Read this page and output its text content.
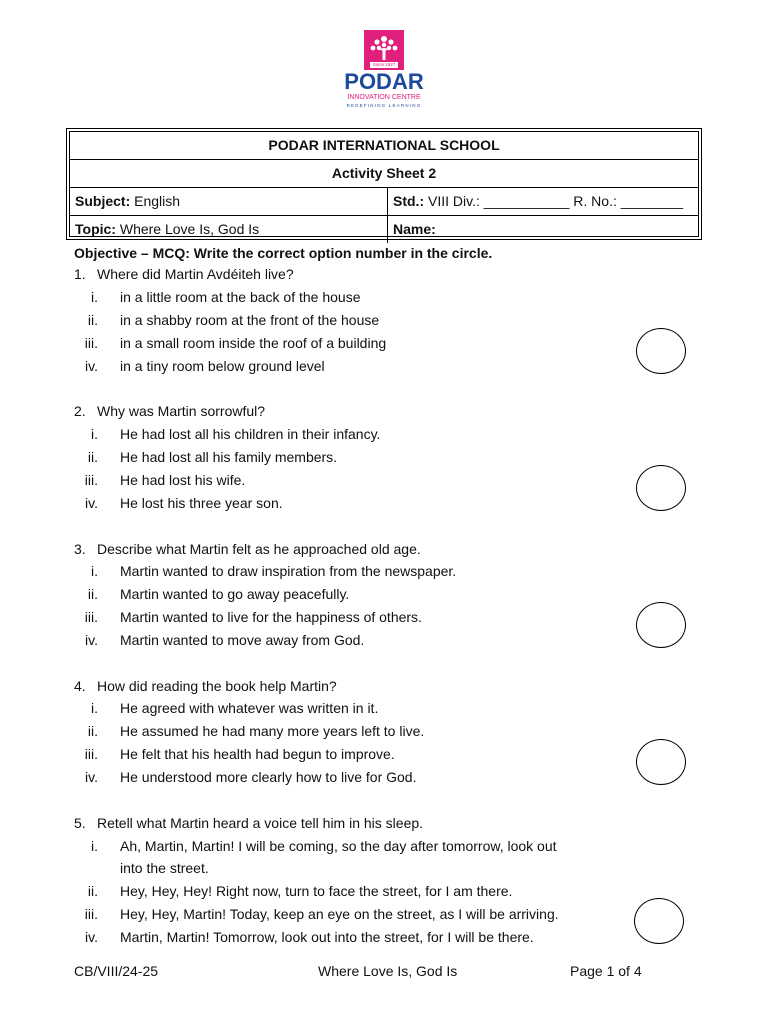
Since 1927
PODAR
INNOVATION CENTRE
REDEFINING LEARNING
PODAR INTERNATIONAL SCHOOL
Activity Sheet 2
Subject: English	Std.: VIII Div.: ___________ R. No.: ________
Topic: Where Love Is, God Is	Name: _________________________________
Objective – MCQ: Write the correct option number in the circle.
1. Where did Martin Avdéiteh live?
i. in a little room at the back of the house
ii. in a shabby room at the front of the house
iii. in a small room inside the roof of a building
iv. in a tiny room below ground level
2. Why was Martin sorrowful?
i. He had lost all his children in their infancy.
ii. He had lost all his family members.
iii. He had lost his wife.
iv. He lost his three year son.
3. Describe what Martin felt as he approached old age.
i. Martin wanted to draw inspiration from the newspaper.
ii. Martin wanted to go away peacefully.
iii. Martin wanted to live for the happiness of others.
iv. Martin wanted to move away from God.
4. How did reading the book help Martin?
i. He agreed with whatever was written in it.
ii. He assumed he had many more years left to live.
iii. He felt that his health had begun to improve.
iv. He understood more clearly how to live for God.
5. Retell what Martin heard a voice tell him in his sleep.
i. Ah, Martin, Martin! I will be coming, so the day after tomorrow, look out
into the street.
ii. Hey, Hey, Hey! Right now, turn to face the street, for I am there.
iii. Hey, Hey, Martin! Today, keep an eye on the street, as I will be arriving.
iv. Martin, Martin! Tomorrow, look out into the street, for I will be there.
CB/VIII/24-25	Where Love Is, God Is	Page 1 of 4
